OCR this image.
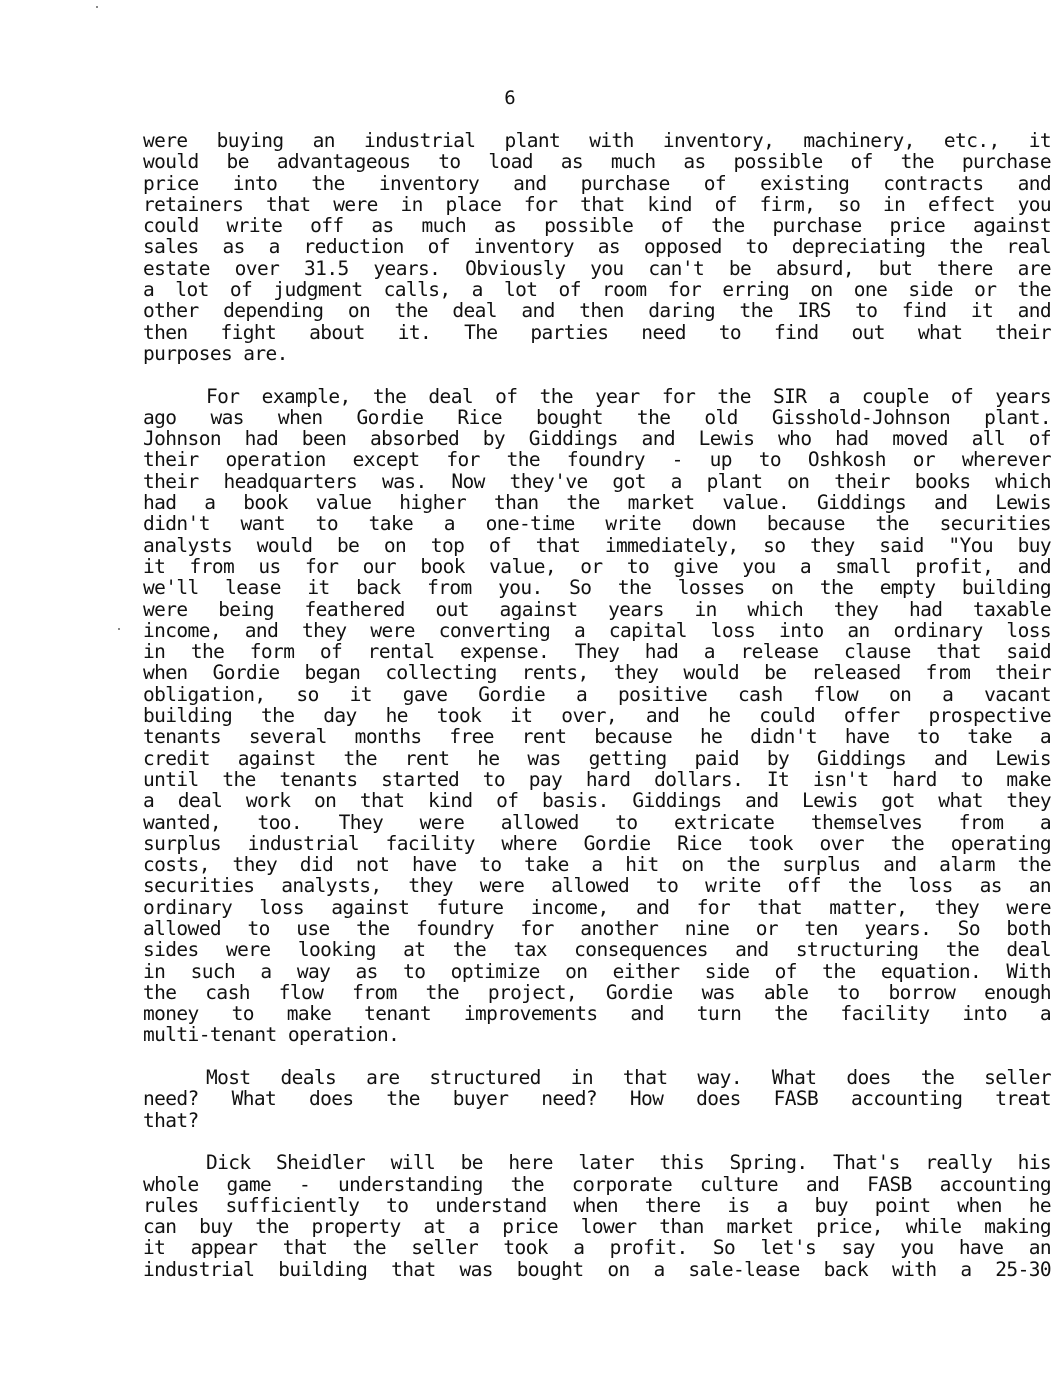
6

were buying an industrial plant with inventory, machinery, etc., it
would be advantageous to load as much as possible of the purchase
price into the inventory and purchase of existing contracts and
retainers that were in place for that kind of firm, so in effect you
could write off as much as possible of the purchase price against
sales as a reduction of inventory as opposed to depreciating the real
estate over 31.5 years. Obviously you can't be absurd, but there are
a lot of judgment calls, a lot of room for erring on one side or the
other depending on the deal and then daring the IRS to find it and
then fight about it. The parties need to find out what their
purposes are.

For example, the deal of the year for the SIR a couple of years
ago was when Gordie Rice bought the old Gisshold-Johnson plant.
Johnson had been absorbed by Giddings and Lewis who had moved all of
their operation except for the foundry - up to Oshkosh or wherever
their headquarters was. Now they've got a plant on their books which
had a book value higher than the market value. Giddings and Lewis
didn't want to take a one-time write down because the securities
analysts would be on top of that immediately, so they said "You buy
it from us for our book value, or to give you a small profit, and
we'll lease it back from you. So the losses on the empty building
were being feathered out against years in which they had taxable
income, and they were converting a capital loss into an ordinary loss
in the form of rental expense. They had a release clause that said
when Gordie began collecting rents, they would be released from their
obligation, so it gave Gordie a positive cash flow on a vacant
building the day he took it over, and he could offer prospective
tenants several months free rent because he didn't have to take a
credit against the rent he was getting paid by Giddings and Lewis
until the tenants started to pay hard dollars. It isn't hard to make
a deal work on that kind of basis. Giddings and Lewis got what they
wanted, too. They were allowed to extricate themselves from a
surplus industrial facility where Gordie Rice took over the operating
costs, they did not have to take a hit on the surplus and alarm the
securities analysts, they were allowed to write off the loss as an
ordinary loss against future income, and for that matter, they were
allowed to use the foundry for another nine or ten years. So both
sides were looking at the tax consequences and structuring the deal
in such a way as to optimize on either side of the equation. With
the cash flow from the project, Gordie was able to borrow enough
money to make tenant improvements and turn the facility into a
multi-tenant operation.

Most deals are structured in that way. What does the seller
need? What does the buyer need? How does FASB accounting treat
that?

Dick Sheidler will be here later this Spring. That's really his
whole game - understanding the corporate culture and FASB accounting
rules sufficiently to understand when there is a buy point when he
can buy the property at a price lower than market price, while making
it appear that the seller took a profit. So let's say you have an
industrial building that was bought on a sale-lease back with a 25-30
